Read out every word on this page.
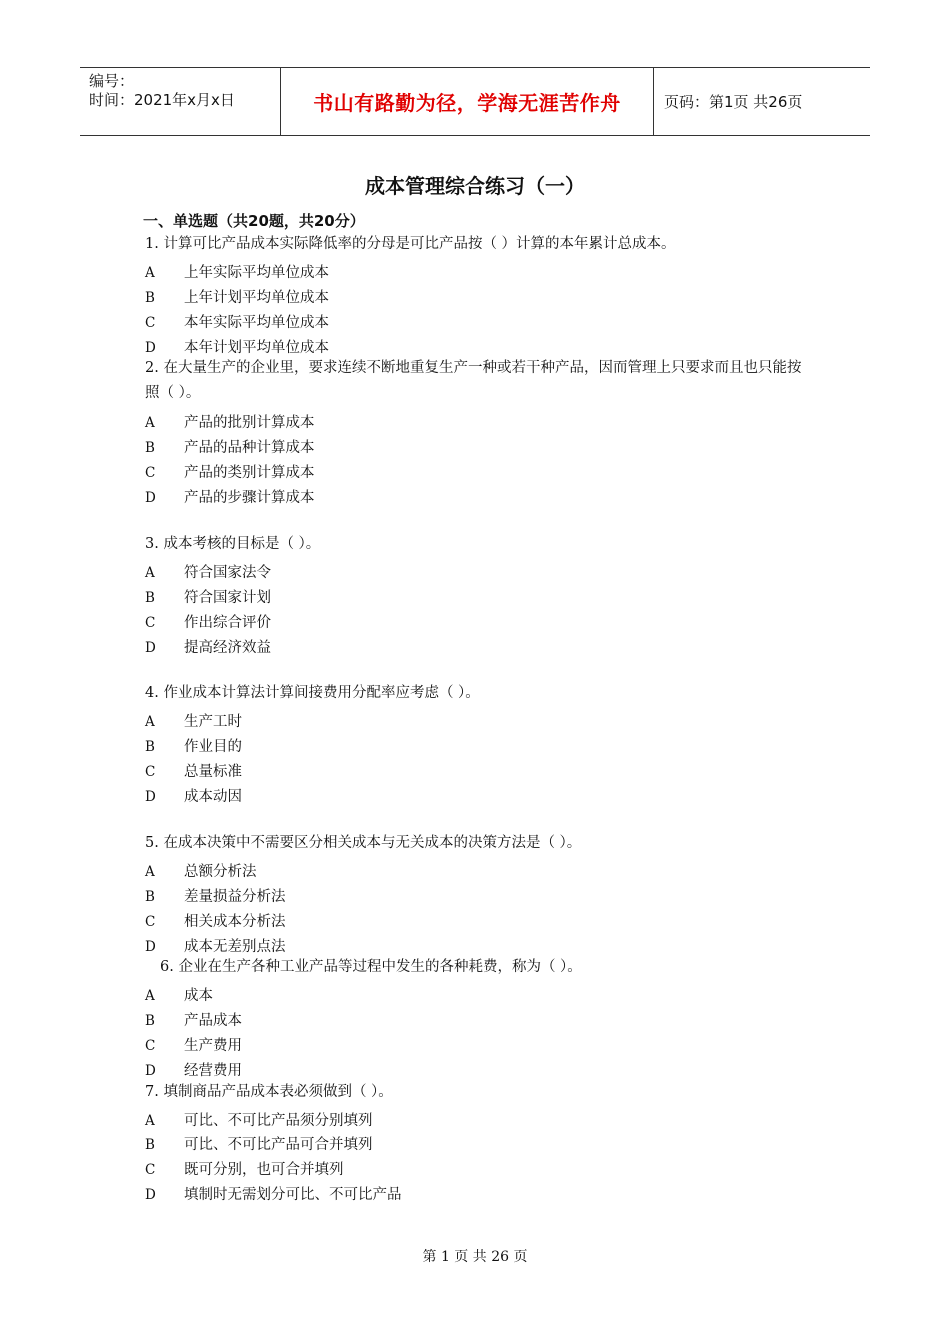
编号：
时间：2021年x月x日	书山有路勤为径，学海无涯苦作舟	页码：第1页 共26页
成本管理综合练习（一）
一、单选题（共20题，共20分）
1. 计算可比产品成本实际降低率的分母是可比产品按（ ）计算的本年累计总成本。
A 上年实际平均单位成本
B 上年计划平均单位成本
C 本年实际平均单位成本
D 本年计划平均单位成本
2. 在大量生产的企业里，要求连续不断地重复生产一种或若干种产品，因而管理上只要求而且也只能按照（ ）。
A 产品的批别计算成本
B 产品的品种计算成本
C 产品的类别计算成本
D 产品的步骤计算成本
3. 成本考核的目标是（ ）。
A 符合国家法令
B 符合国家计划
C 作出综合评价
D 提高经济效益
4. 作业成本计算法计算间接费用分配率应考虑（ ）。
A 生产工时
B 作业目的
C 总量标准
D 成本动因
5. 在成本决策中不需要区分相关成本与无关成本的决策方法是（ ）。
A 总额分析法
B 差量损益分析法
C 相关成本分析法
D 成本无差别点法
6. 企业在生产各种工业产品等过程中发生的各种耗费，称为（ ）。
A 成本
B 产品成本
C 生产费用
D 经营费用
7. 填制商品产品成本表必须做到（ ）。
A 可比、不可比产品须分别填列
B 可比、不可比产品可合并填列
C 既可分别，也可合并填列
D 填制时无需划分可比、不可比产品
第 1 页 共 26 页
